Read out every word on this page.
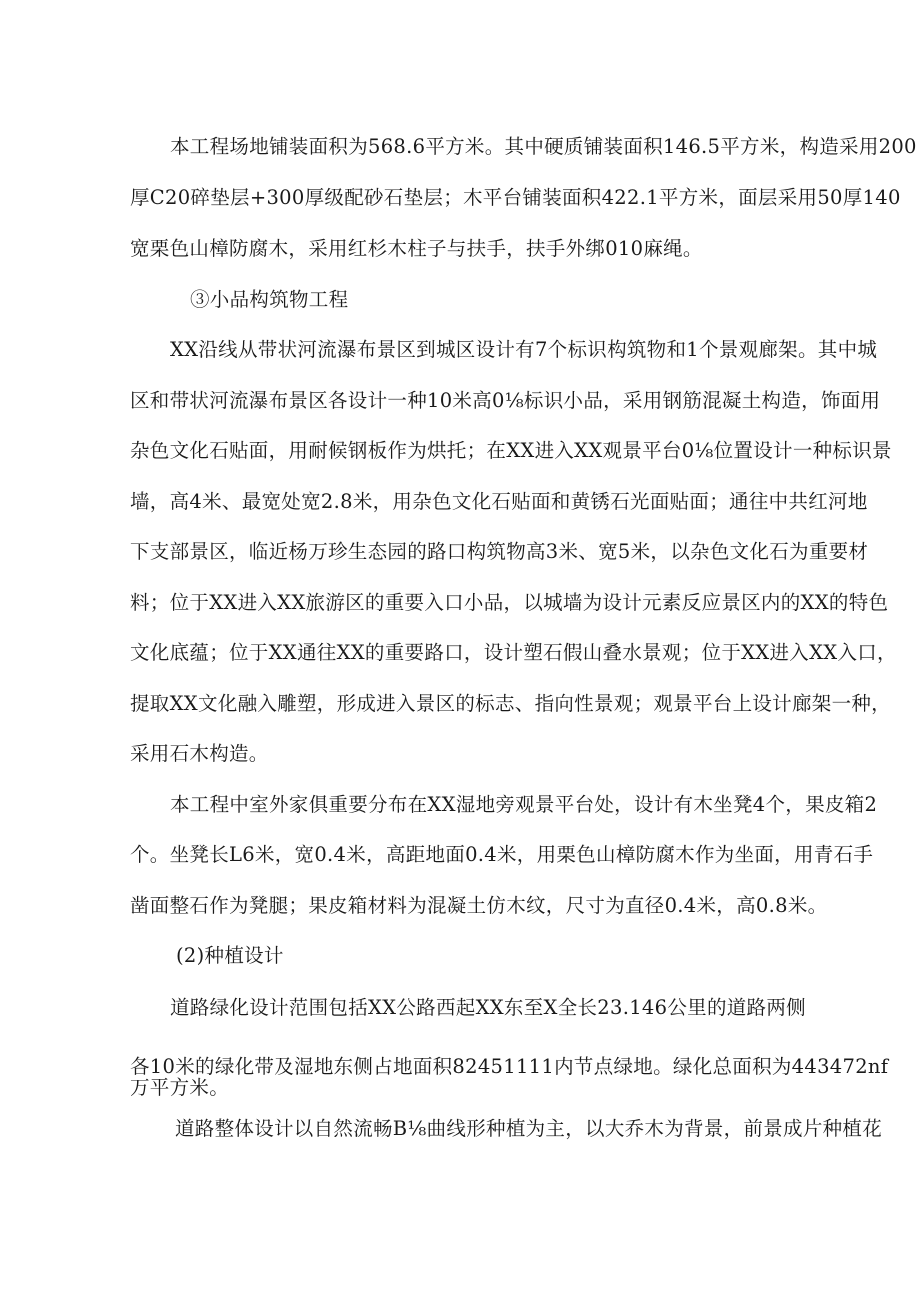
本工程场地铺装面积为568.6平方米。其中硬质铺装面积146.5平方米，构造采用200
厚C20碎垫层+300厚级配砂石垫层；木平台铺装面积422.1平方米，面层采用50厚140
宽栗色山樟防腐木，采用红杉木柱子与扶手，扶手外绑010麻绳。
③小品构筑物工程
XX沿线从带状河流瀑布景区到城区设计有7个标识构筑物和1个景观廊架。其中城
区和带状河流瀑布景区各设计一种10米高0⅛标识小品，采用钢筋混凝土构造，饰面用
杂色文化石贴面，用耐候钢板作为烘托；在XX进入XX观景平台0⅛位置设计一种标识景
墙，高4米、最宽处宽2.8米，用杂色文化石贴面和黄锈石光面贴面；通往中共红河地
下支部景区，临近杨万珍生态园的路口构筑物高3米、宽5米，以杂色文化石为重要材
料；位于XX进入XX旅游区的重要入口小品，以城墙为设计元素反应景区内的XX的特色
文化底蕴；位于XX通往XX的重要路口，设计塑石假山叠水景观；位于XX进入XX入口，
提取XX文化融入雕塑，形成进入景区的标志、指向性景观；观景平台上设计廊架一种，
采用石木构造。
本工程中室外家俱重要分布在XX湿地旁观景平台处，设计有木坐凳4个，果皮箱2
个。坐凳长L6米，宽0.4米，高距地面0.4米，用栗色山樟防腐木作为坐面，用青石手
凿面整石作为凳腿；果皮箱材料为混凝土仿木纹，尺寸为直径0.4米，高0.8米。
(2)种植设计
道路绿化设计范围包括XX公路西起XX东至X全长23.146公里的道路两侧
各10米的绿化带及湿地东侧占地面积82451111内节点绿地。绿化总面积为443472nf
万平方米。
道路整体设计以自然流畅B⅛曲线形种植为主，以大乔木为背景，前景成片种植花
